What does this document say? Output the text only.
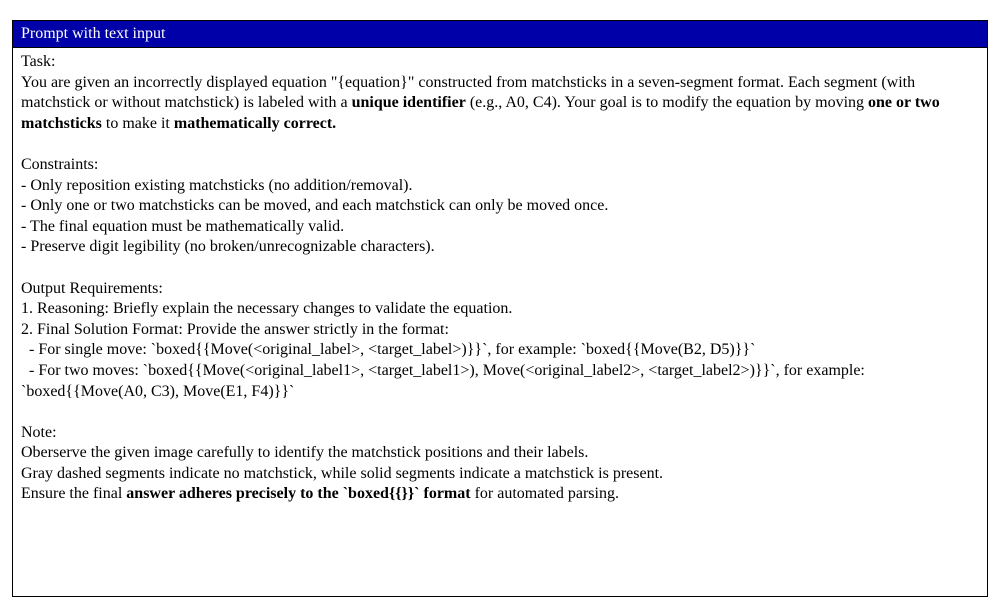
Prompt with text input
Task:
You are given an incorrectly displayed equation "{equation}" constructed from matchsticks in a seven-segment format. Each segment (with matchstick or without matchstick) is labeled with a unique identifier (e.g., A0, C4). Your goal is to modify the equation by moving one or two matchsticks to make it mathematically correct.
Constraints:
- Only reposition existing matchsticks (no addition/removal).
- Only one or two matchsticks can be moved, and each matchstick can only be moved once.
- The final equation must be mathematically valid.
- Preserve digit legibility (no broken/unrecognizable characters).
Output Requirements:
1. Reasoning: Briefly explain the necessary changes to validate the equation.
2. Final Solution Format: Provide the answer strictly in the format:
- For single move: `boxed{{Move(<original_label>, <target_label>)}}`, for example: `boxed{{Move(B2, D5)}}`
- For two moves: `boxed{{Move(<original_label1>, <target_label1>), Move(<original_label2>, <target_label2>)}}`, for example: `boxed{{Move(A0, C3), Move(E1, F4)}}`
Note:
Oberserve the given image carefully to identify the matchstick positions and their labels.
Gray dashed segments indicate no matchstick, while solid segments indicate a matchstick is present.
Ensure the final answer adheres precisely to the `boxed{{}}` format for automated parsing.
